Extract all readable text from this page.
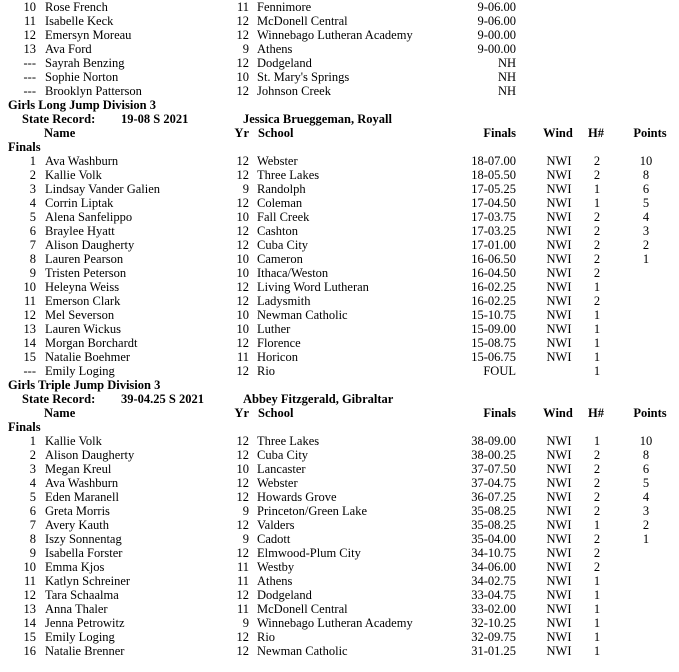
10 Rose French	11 Fennimore	9-06.00
11 Isabelle Keck	12 McDonell Central	9-06.00
12 Emersyn Moreau	12 Winnebago Lutheran Academy	9-00.00
13 Ava Ford	9 Athens	9-00.00
--- Sayrah Benzing	12 Dodgeland	NH
--- Sophie Norton	10 St. Mary's Springs	NH
--- Brooklyn Patterson	12 Johnson Creek	NH
Girls Long Jump Division 3
State Record: 19-08 S 2021	Jessica Brueggeman, Royall
Name	Yr School	Finals Wind	H#	Points
Finals
1 Ava Washburn	12 Webster	18-07.00 NWI	2	10
2 Kallie Volk	12 Three Lakes	18-05.50 NWI	2	8
3 Lindsay Vander Galien	9 Randolph	17-05.25 NWI	1	6
4 Corrin Liptak	12 Coleman	17-04.50 NWI	1	5
5 Alena Sanfelippo	10 Fall Creek	17-03.75 NWI	2	4
6 Braylee Hyatt	12 Cashton	17-03.25 NWI	2	3
7 Alison Daugherty	12 Cuba City	17-01.00 NWI	2	2
8 Lauren Pearson	10 Cameron	16-06.50 NWI	2	1
9 Tristen Peterson	10 Ithaca/Weston	16-04.50 NWI	2
10 Heleyna Weiss	12 Living Word Lutheran	16-02.25 NWI	1
11 Emerson Clark	12 Ladysmith	16-02.25 NWI	2
12 Mel Severson	10 Newman Catholic	15-10.75 NWI	1
13 Lauren Wickus	10 Luther	15-09.00 NWI	1
14 Morgan Borchardt	12 Florence	15-08.75 NWI	1
15 Natalie Boehmer	11 Horicon	15-06.75 NWI	1
--- Emily Loging	12 Rio	FOUL	1
Girls Triple Jump Division 3
State Record: 39-04.25 S 2021	Abbey Fitzgerald, Gibraltar
Name	Yr School	Finals Wind	H#	Points
Finals
1 Kallie Volk	12 Three Lakes	38-09.00 NWI	1	10
2 Alison Daugherty	12 Cuba City	38-00.25 NWI	2	8
3 Megan Kreul	10 Lancaster	37-07.50 NWI	2	6
4 Ava Washburn	12 Webster	37-04.75 NWI	2	5
5 Eden Maranell	12 Howards Grove	36-07.25 NWI	2	4
6 Greta Morris	9 Princeton/Green Lake	35-08.25 NWI	2	3
7 Avery Kauth	12 Valders	35-08.25 NWI	1	2
8 Iszy Sonnentag	9 Cadott	35-04.00 NWI	2	1
9 Isabella Forster	12 Elmwood-Plum City	34-10.75 NWI	2
10 Emma Kjos	11 Westby	34-06.00 NWI	2
11 Katlyn Schreiner	11 Athens	34-02.75 NWI	1
12 Tara Schaalma	12 Dodgeland	33-04.75 NWI	1
13 Anna Thaler	11 McDonell Central	33-02.00 NWI	1
14 Jenna Petrowitz	9 Winnebago Lutheran Academy	32-10.25 NWI	1
15 Emily Loging	12 Rio	32-09.75 NWI	1
16 Natalie Brenner	12 Newman Catholic	31-01.25 NWI	1
